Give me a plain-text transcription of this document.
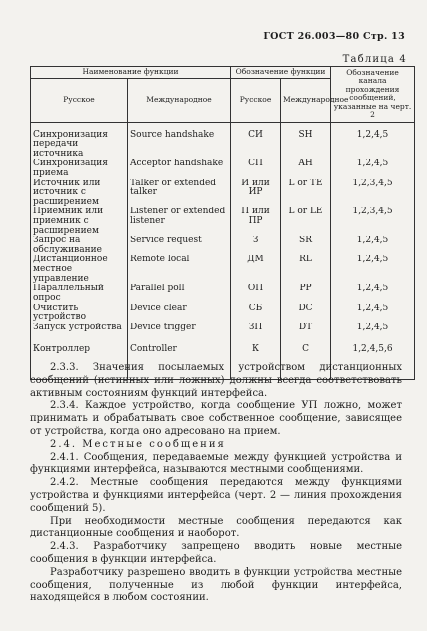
ГОСТ 26.003—80 Стр. 13
Таблица 4
Наименование функции		Обозначение функции		Обозначение канала прохождения сообщений, указанные на черт. 2
Русское	Международное	Русское	Международное	
Синхронизация передачи источника	Source handshake	СИ	SH	1,2,4,5
Синхронизация приема	Acceptor handshake	СП	AH	1,2,4,5
Источник или источник с расширением	Talker or extended talker	И или ИР	L or TE	1,2,3,4,5
Приемник или приемник с расширением	Listener or extended listener	П или ПР	L or LE	1,2,3,4,5
Запрос на обслуживание	Service request	З	SR	1,2,4,5
Дистанционное местное управление	Remote local	ДМ	RL	1,2,4,5
Параллельный опрос	Parallel poll	ОП	PP	1,2,4,5
Очистить устройство	Device clear	СБ	DC	1,2,4,5
Запуск устройства	Device trigger	ЗП	DT	1,2,4,5
Контроллер	Controller	К	C	1,2,4,5,6

2.3.3. Значения посылаемых устройством дистанционных сообщений (истинных или ложных) должны всегда соответствовать активным состояниям функций интерфейса.

2.3.4. Каждое устройство, когда сообщение УП ложно, может принимать и обрабатывать свое собственное сообщение, зависящее от устройства, когда оно адресовано на прием.

2.4. Местные сообщения

2.4.1. Сообщения, передаваемые между функцией устройства и функциями интерфейса, называются местными сообщениями.

2.4.2. Местные сообщения передаются между функциями устройства и функциями интерфейса (черт. 2 — линия прохождения сообщений 5).

При необходимости местные сообщения передаются как дистанционные сообщения и наоборот.

2.4.3. Разработчику запрещено вводить новые местные сообщения в функции интерфейса.

Разработчику разрешено вводить в функции устройства местные сообщения, полученные из любой функции интерфейса, находящейся в любом состоянии.
